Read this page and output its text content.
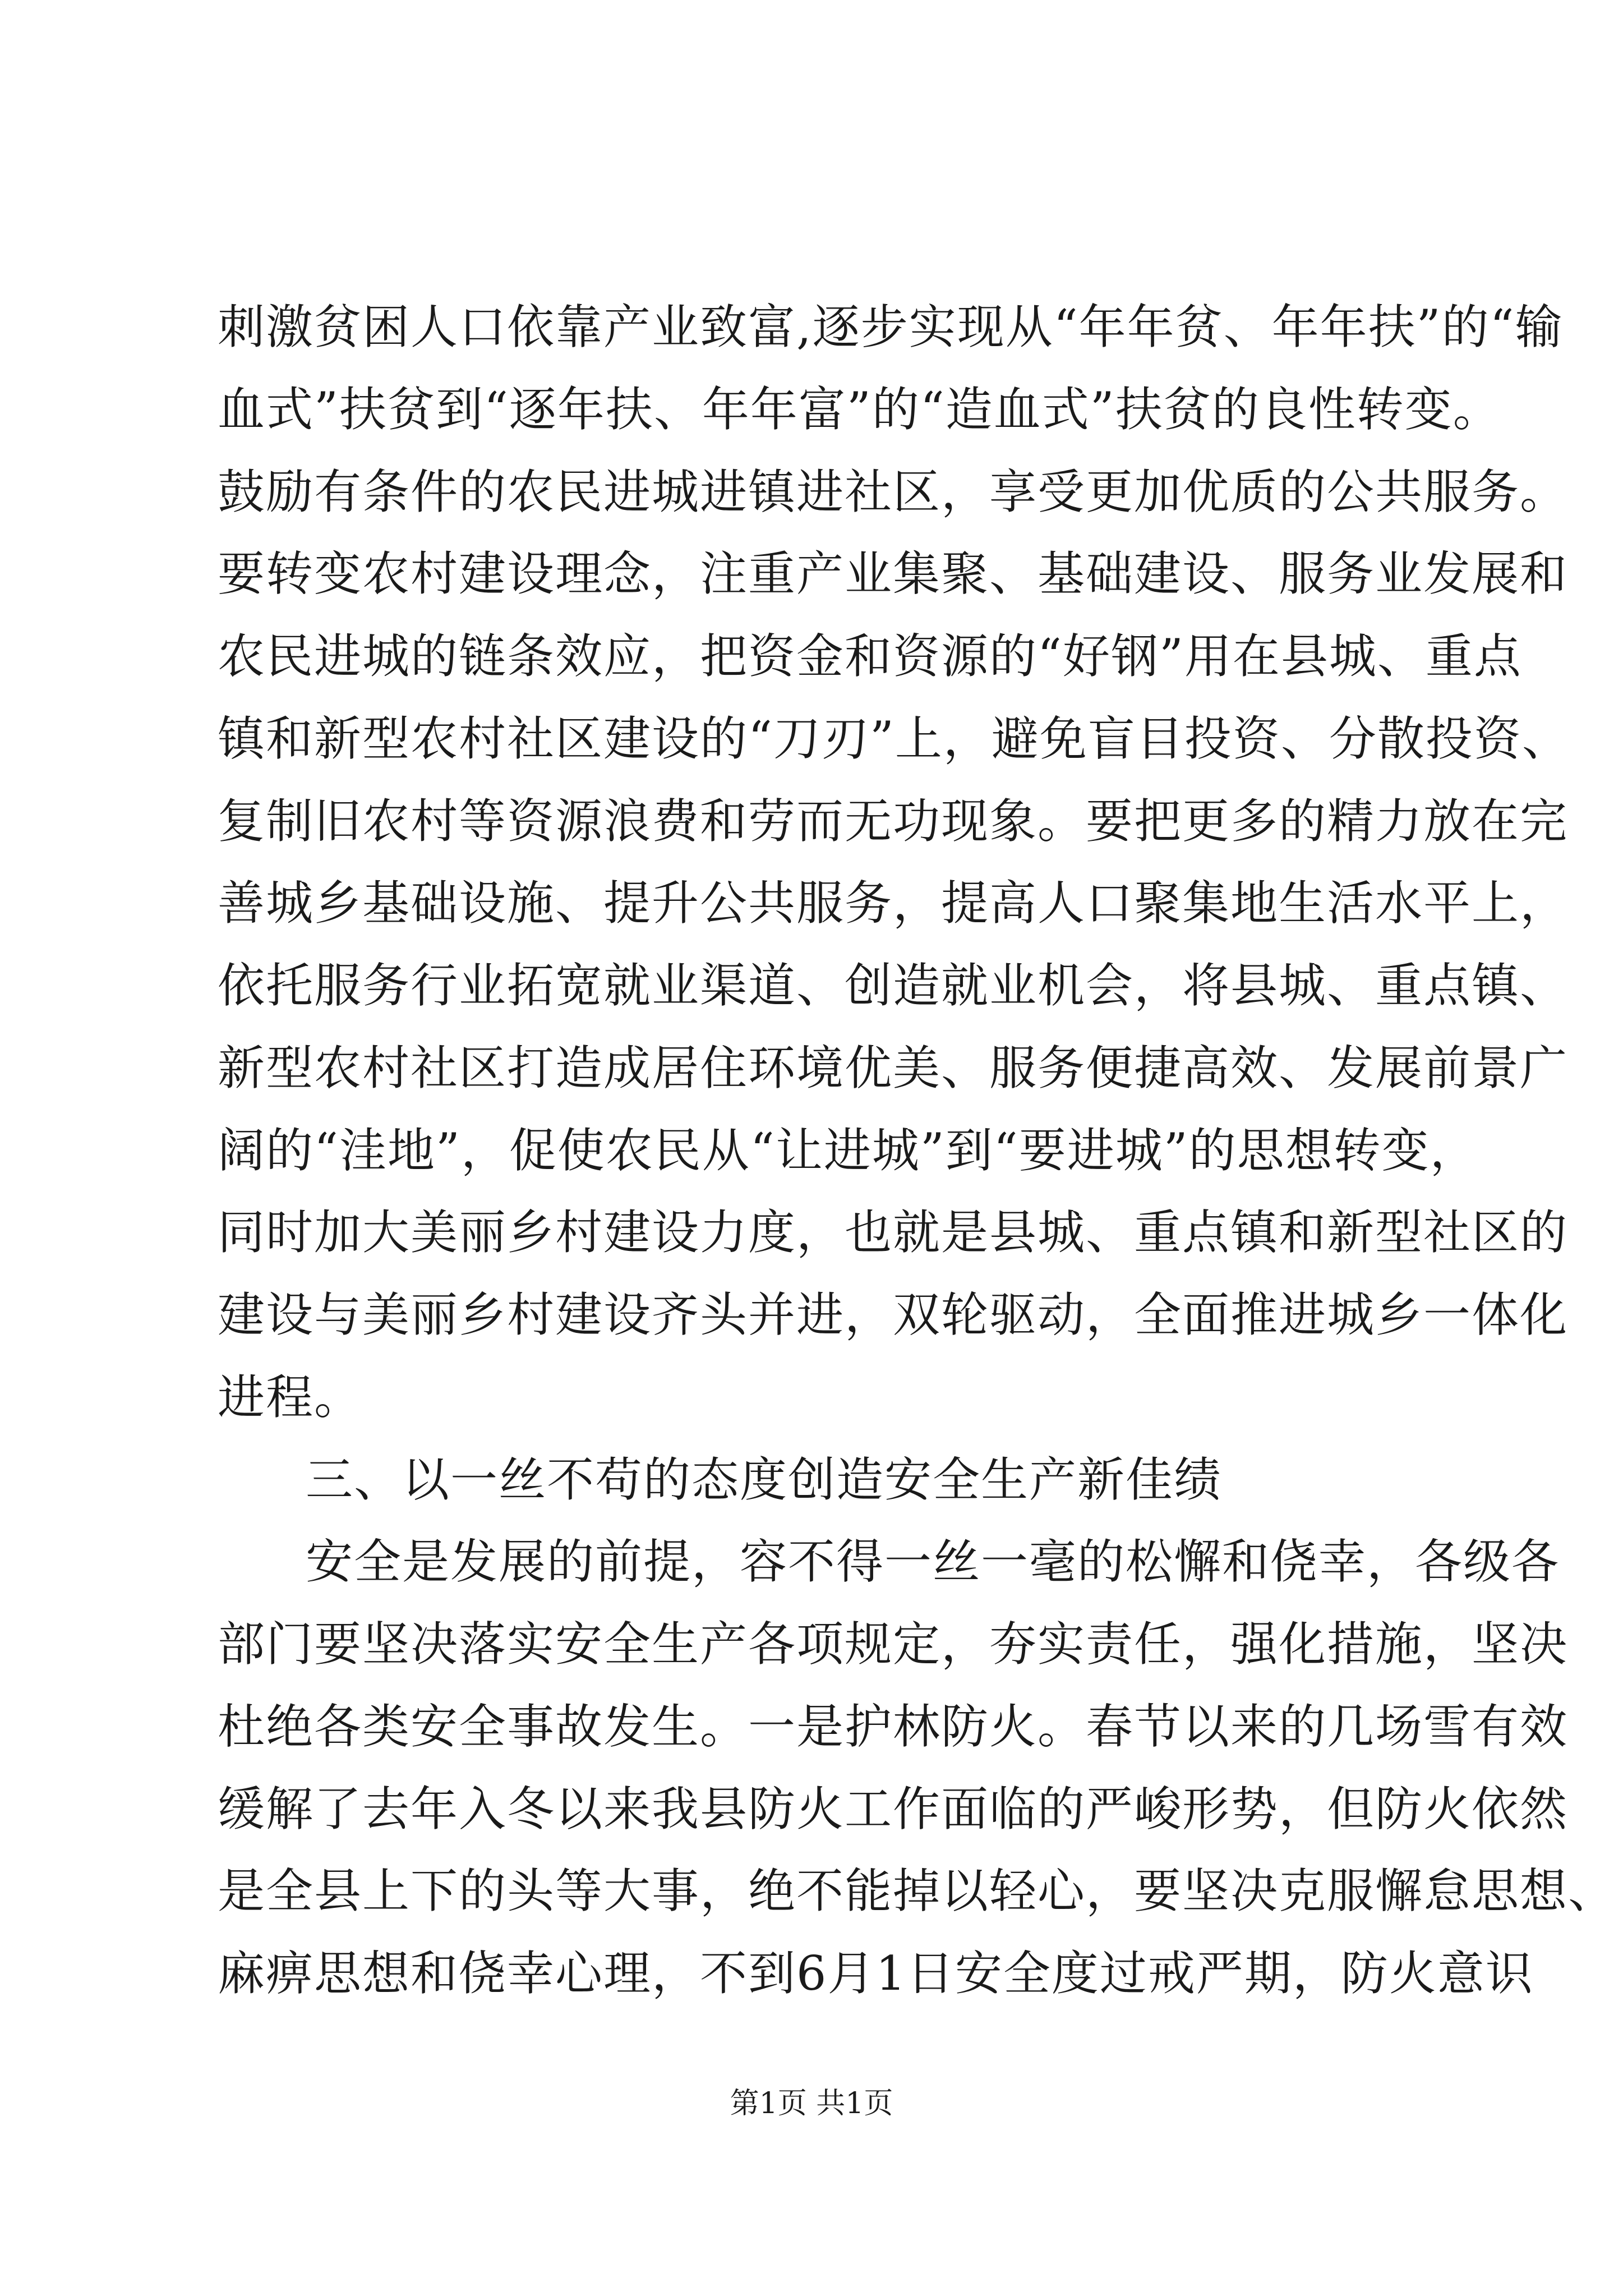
刺激贫困人口依靠产业致富,逐步实现从“年年贫、年年扶”的“输
血式”扶贫到“逐年扶、年年富”的“造血式”扶贫的良性转变。
鼓励有条件的农民进城进镇进社区，享受更加优质的公共服务。
要转变农村建设理念，注重产业集聚、基础建设、服务业发展和
农民进城的链条效应，把资金和资源的“好钢”用在县城、重点
镇和新型农村社区建设的“刀刃”上，避免盲目投资、分散投资、
复制旧农村等资源浪费和劳而无功现象。要把更多的精力放在完
善城乡基础设施、提升公共服务，提高人口聚集地生活水平上，
依托服务行业拓宽就业渠道、创造就业机会，将县城、重点镇、
新型农村社区打造成居住环境优美、服务便捷高效、发展前景广
阔的“洼地”，促使农民从“让进城”到“要进城”的思想转变，
同时加大美丽乡村建设力度，也就是县城、重点镇和新型社区的
建设与美丽乡村建设齐头并进，双轮驱动，全面推进城乡一体化
进程。
三、以一丝不苟的态度创造安全生产新佳绩
安全是发展的前提，容不得一丝一毫的松懈和侥幸，各级各
部门要坚决落实安全生产各项规定，夯实责任，强化措施，坚决
杜绝各类安全事故发生。一是护林防火。春节以来的几场雪有效
缓解了去年入冬以来我县防火工作面临的严峻形势，但防火依然
是全县上下的头等大事，绝不能掉以轻心，要坚决克服懈怠思想、
麻痹思想和侥幸心理，不到6月1日安全度过戒严期，防火意识
第1页 共1页
